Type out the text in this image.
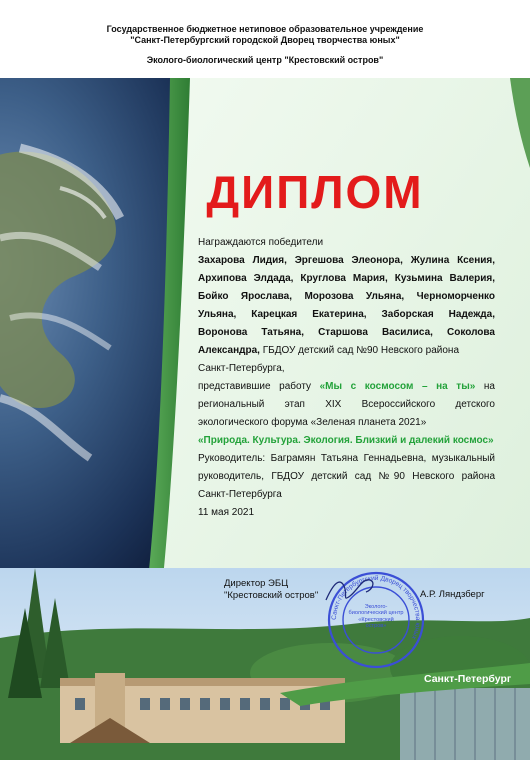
Государственное бюджетное нетиповое образовательное учреждение
"Санкт-Петербургский городской Дворец творчества юных"
Эколого-биологический центр "Крестовский остров"
ДИПЛОМ
Награждаются победители
Захарова Лидия, Эргешова Элеонора, Жулина Ксения, Архипова Элдада, Круглова Мария, Кузьмина Валерия, Бойко Ярослава, Морозова Ульяна, Черноморченко Ульяна, Карецкая Екатерина, Заборская Надежда, Воронова Татьяна, Старшова Василиса, Соколова Александра, ГБДОУ детский сад №90 Невского района
Санкт-Петербурга,
представившие работу «Мы с космосом – на ты» на региональный этап XIX Всероссийского детского экологического форума «Зеленая планета 2021»
«Природа. Культура. Экология. Близкий и далекий космос»
Руководитель: Баграмян Татьяна Геннадьевна, музыкальный руководитель, ГБДОУ детский сад №90 Невского района Санкт-Петербурга
11 мая 2021
Директор ЭБЦ
"Крестовский остров"	А.Р. Ляндзберг
Санкт-Петербургский Дворец творчества юных
Эколого-биологический центр «Крестовский остров»
Санкт-Петербург
